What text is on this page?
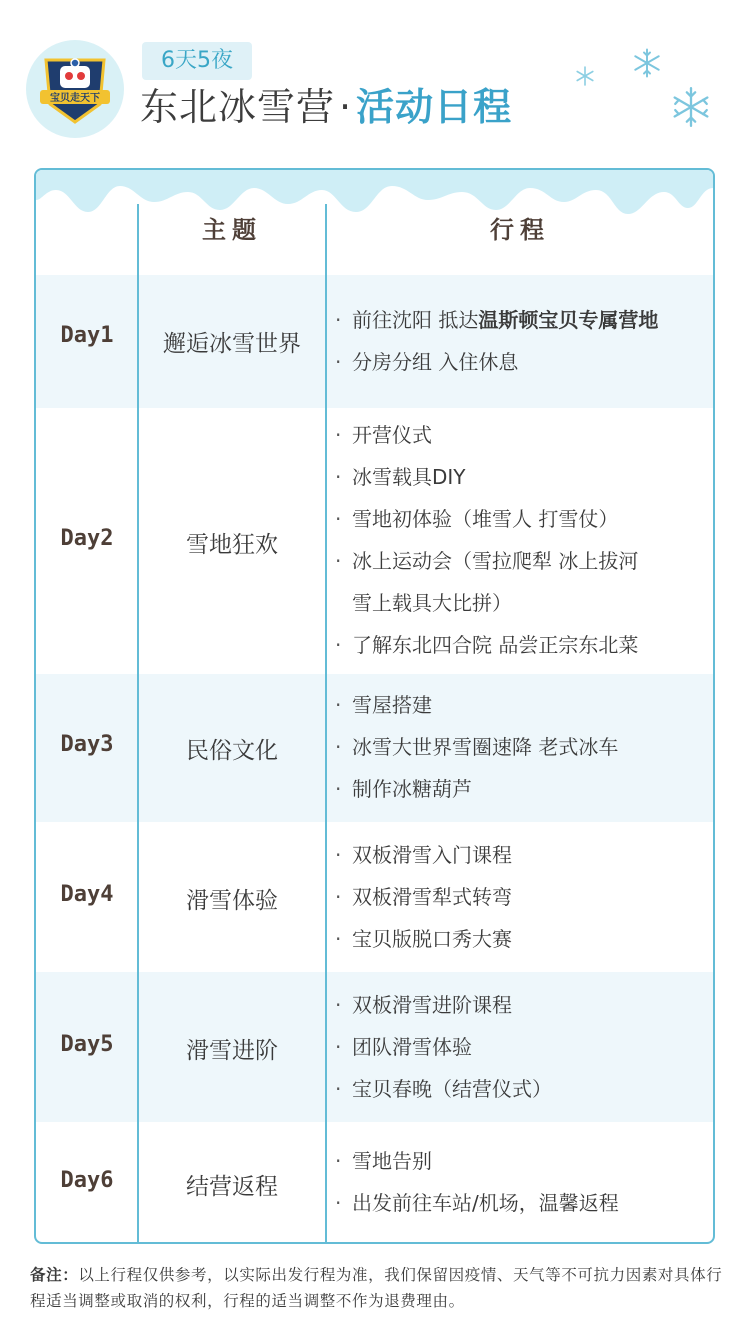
宝贝走天下
6天5夜
东北冰雪营 · 活动日程
主题	行程
Day1	邂逅冰雪世界
· 前往沈阳 抵达温斯顿宝贝专属营地
· 分房分组 入住休息
Day2	雪地狂欢
· 开营仪式
· 冰雪载具DIY
· 雪地初体验（堆雪人 打雪仗）
· 冰上运动会（雪拉爬犁 冰上拔河
雪上载具大比拼）
· 了解东北四合院 品尝正宗东北菜
Day3	民俗文化
· 雪屋搭建
· 冰雪大世界雪圈速降 老式冰车
· 制作冰糖葫芦
Day4	滑雪体验
· 双板滑雪入门课程
· 双板滑雪犁式转弯
· 宝贝版脱口秀大赛
Day5	滑雪进阶
· 双板滑雪进阶课程
· 团队滑雪体验
· 宝贝春晚（结营仪式）
Day6	结营返程
· 雪地告别
· 出发前往车站/机场，温馨返程
备注：以上行程仅供参考，以实际出发行程为准，我们保留因疫情、天气等不可抗力因素对具体行程适当调整或取消的权利，行程的适当调整不作为退费理由。
